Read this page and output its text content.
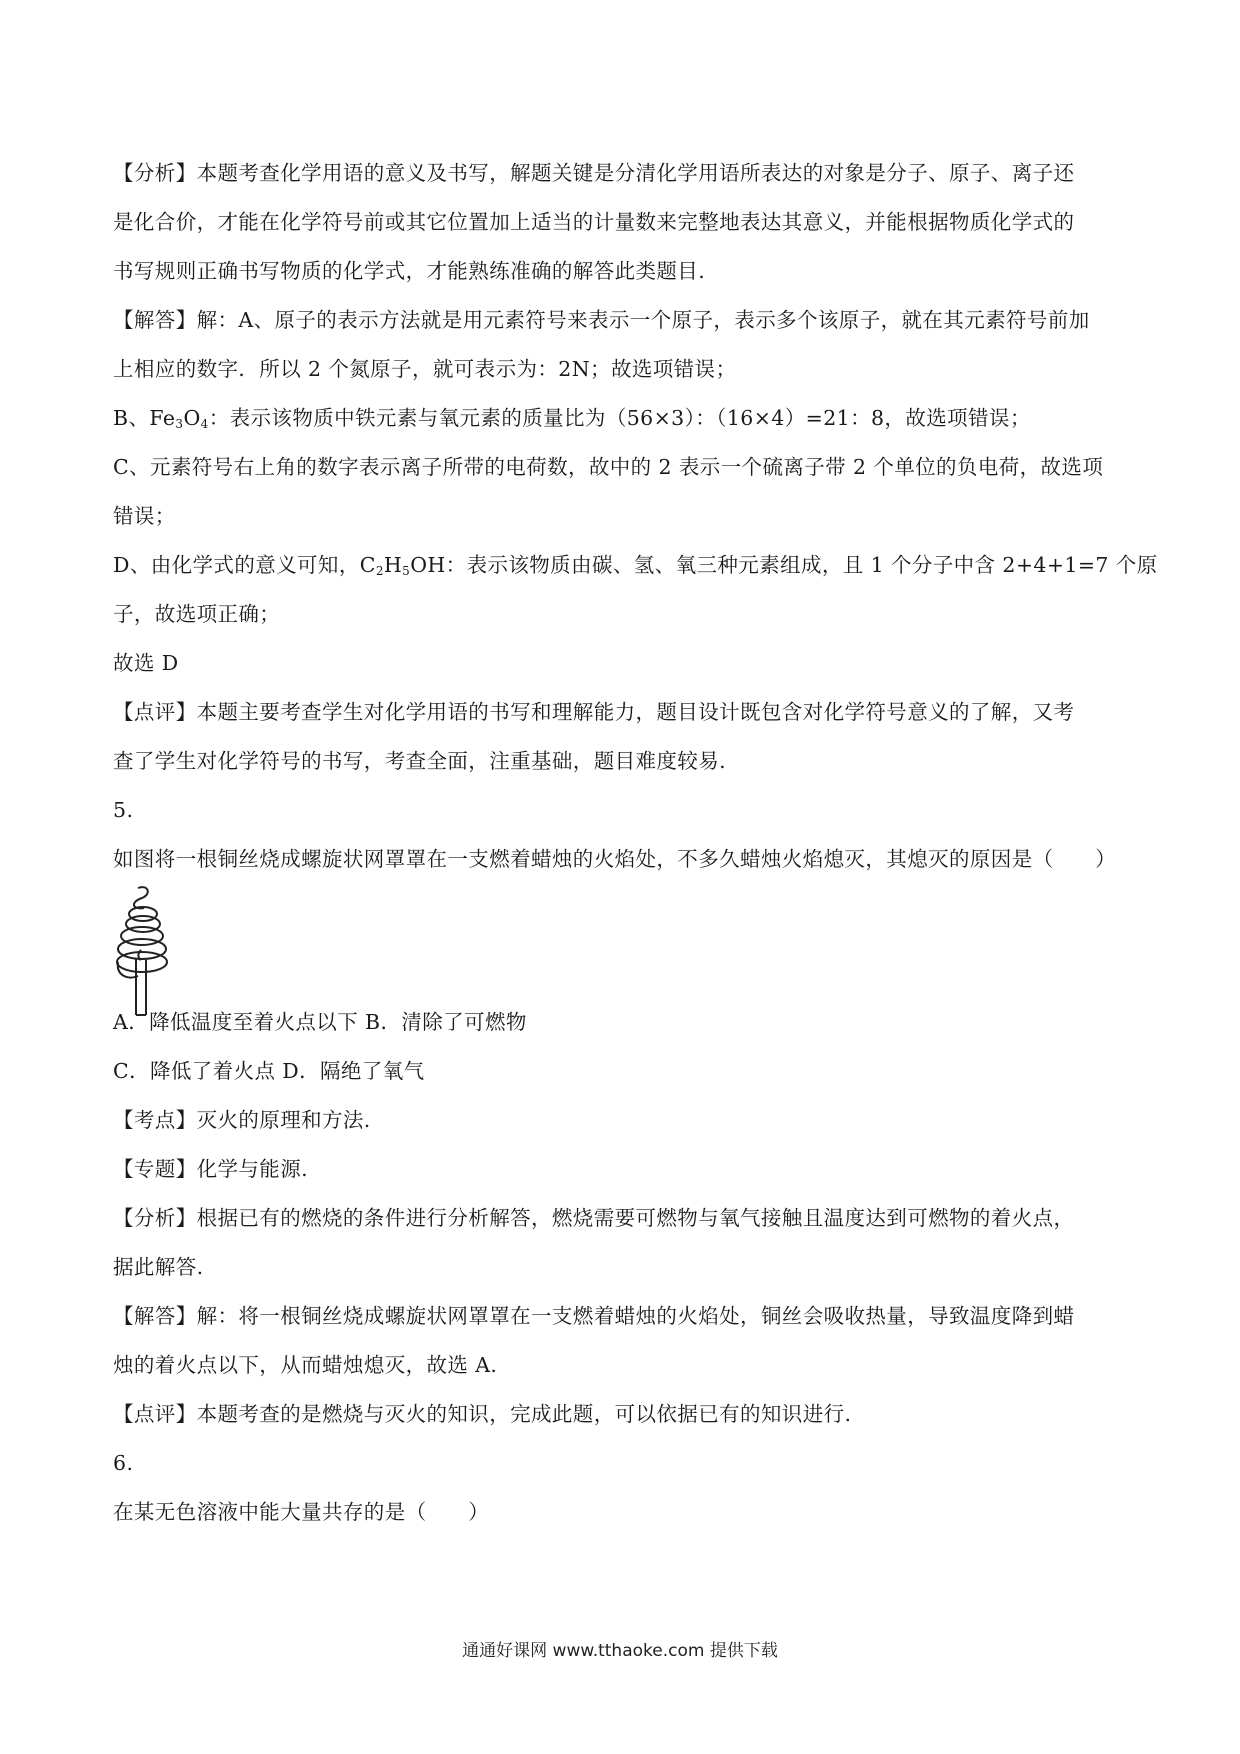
【分析】本题考查化学用语的意义及书写，解题关键是分清化学用语所表达的对象是分子、原子、离子还
是化合价，才能在化学符号前或其它位置加上适当的计量数来完整地表达其意义，并能根据物质化学式的
书写规则正确书写物质的化学式，才能熟练准确的解答此类题目.
【解答】解：A、原子的表示方法就是用元素符号来表示一个原子，表示多个该原子，就在其元素符号前加
上相应的数字．所以 2 个氮原子，就可表示为：2N；故选项错误；
B、$Fe_3O_4$：表示该物质中铁元素与氧元素的质量比为（56×3）：（16×4）=21：8，故选项错误；
C、元素符号右上角的数字表示离子所带的电荷数，故中的 2 表示一个硫离子带 2 个单位的负电荷，故选项
错误；
D、由化学式的意义可知，$C_2H_5OH$：表示该物质由碳、氢、氧三种元素组成，且 1 个分子中含 2+4+1=7 个原
子，故选项正确；
故选 D
【点评】本题主要考查学生对化学用语的书写和理解能力，题目设计既包含对化学符号意义的了解，又考
查了学生对化学符号的书写，考查全面，注重基础，题目难度较易.
5.
如图将一根铜丝烧成螺旋状网罩罩在一支燃着蜡烛的火焰处，不多久蜡烛火焰熄灭，其熄灭的原因是（　　）
A．降低温度至着火点以下 B．清除了可燃物
C．降低了着火点 D．隔绝了氧气
【考点】灭火的原理和方法.
【专题】化学与能源.
【分析】根据已有的燃烧的条件进行分析解答，燃烧需要可燃物与氧气接触且温度达到可燃物的着火点，
据此解答.
【解答】解：将一根铜丝烧成螺旋状网罩罩在一支燃着蜡烛的火焰处，铜丝会吸收热量，导致温度降到蜡
烛的着火点以下，从而蜡烛熄灭，故选 A.
【点评】本题考查的是燃烧与灭火的知识，完成此题，可以依据已有的知识进行.
6.
在某无色溶液中能大量共存的是（　　）
通通好课网 www.tthaoke.com 提供下载
